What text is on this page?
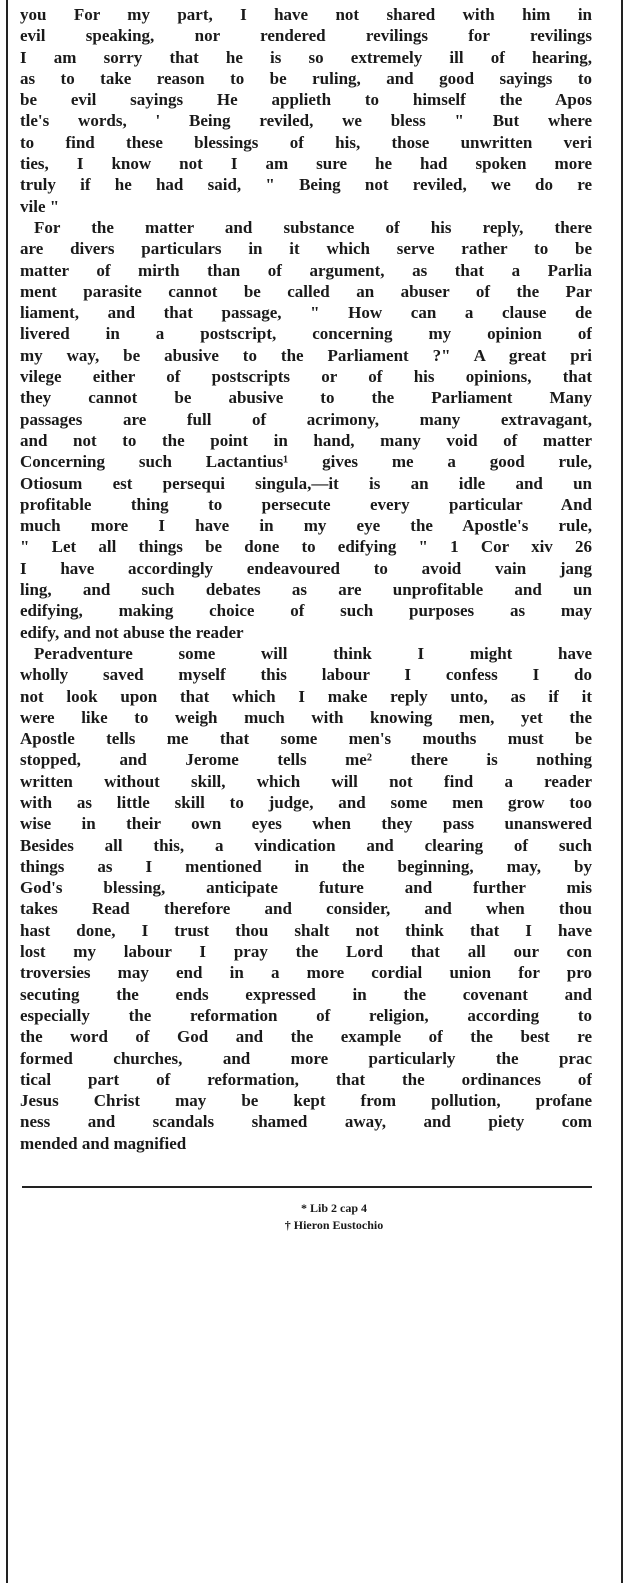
you For my part, I have not shared with him in
evil speaking, nor rendered revilings for revilings
I am sorry that he is so extremely ill of hearing,
as to take reason to be ruling, and good sayings to
be evil sayings He applieth to himself the Apos
tle's words, ' Being reviled, we bless " But where
to find these blessings of his, those unwritten veri
ties, I know not I am sure he had spoken more
truly if he had said, " Being not reviled, we do re
vile "
For the matter and substance of his reply, there
are divers particulars in it which serve rather to be
matter of mirth than of argument, as that a Parlia
ment parasite cannot be called an abuser of the Par
liament, and that passage, " How can a clause de
livered in a postscript, concerning my opinion of
my way, be abusive to the Parliament ?" A great pri
vilege either of postscripts or of his opinions, that
they cannot be abusive to the Parliament Many
passages are full of acrimony, many extravagant,
and not to the point in hand, many void of matter
Concerning such Lactantius¹ gives me a good rule,
Otiosum est persequi singula,—it is an idle and un
profitable thing to persecute every particular And
much more I have in my eye the Apostle's rule,
" Let all things be done to edifying " 1 Cor xiv 26
I have accordingly endeavoured to avoid vain jang
ling, and such debates as are unprofitable and un
edifying, making choice of such purposes as may
edify, and not abuse the reader
Peradventure some will think I might have
wholly saved myself this labour I confess I do
not look upon that which I make reply unto, as if it
were like to weigh much with knowing men, yet the
Apostle tells me that some men's mouths must be
stopped, and Jerome tells me² there is nothing
written without skill, which will not find a reader
with as little skill to judge, and some men grow too
wise in their own eyes when they pass unanswered
Besides all this, a vindication and clearing of such
things as I mentioned in the beginning, may, by
God's blessing, anticipate future and further mis
takes Read therefore and consider, and when thou
hast done, I trust thou shalt not think that I have
lost my labour I pray the Lord that all our con
troversies may end in a more cordial union for pro
secuting the ends expressed in the covenant and
especially the reformation of religion, according to
the word of God and the example of the best re
formed churches, and more particularly the prac
tical part of reformation, that the ordinances of
Jesus Christ may be kept from pollution, profane
ness and scandals shamed away, and piety com
mended and magnified
* Lib 2 cap 4
† Hieron Eustochio
